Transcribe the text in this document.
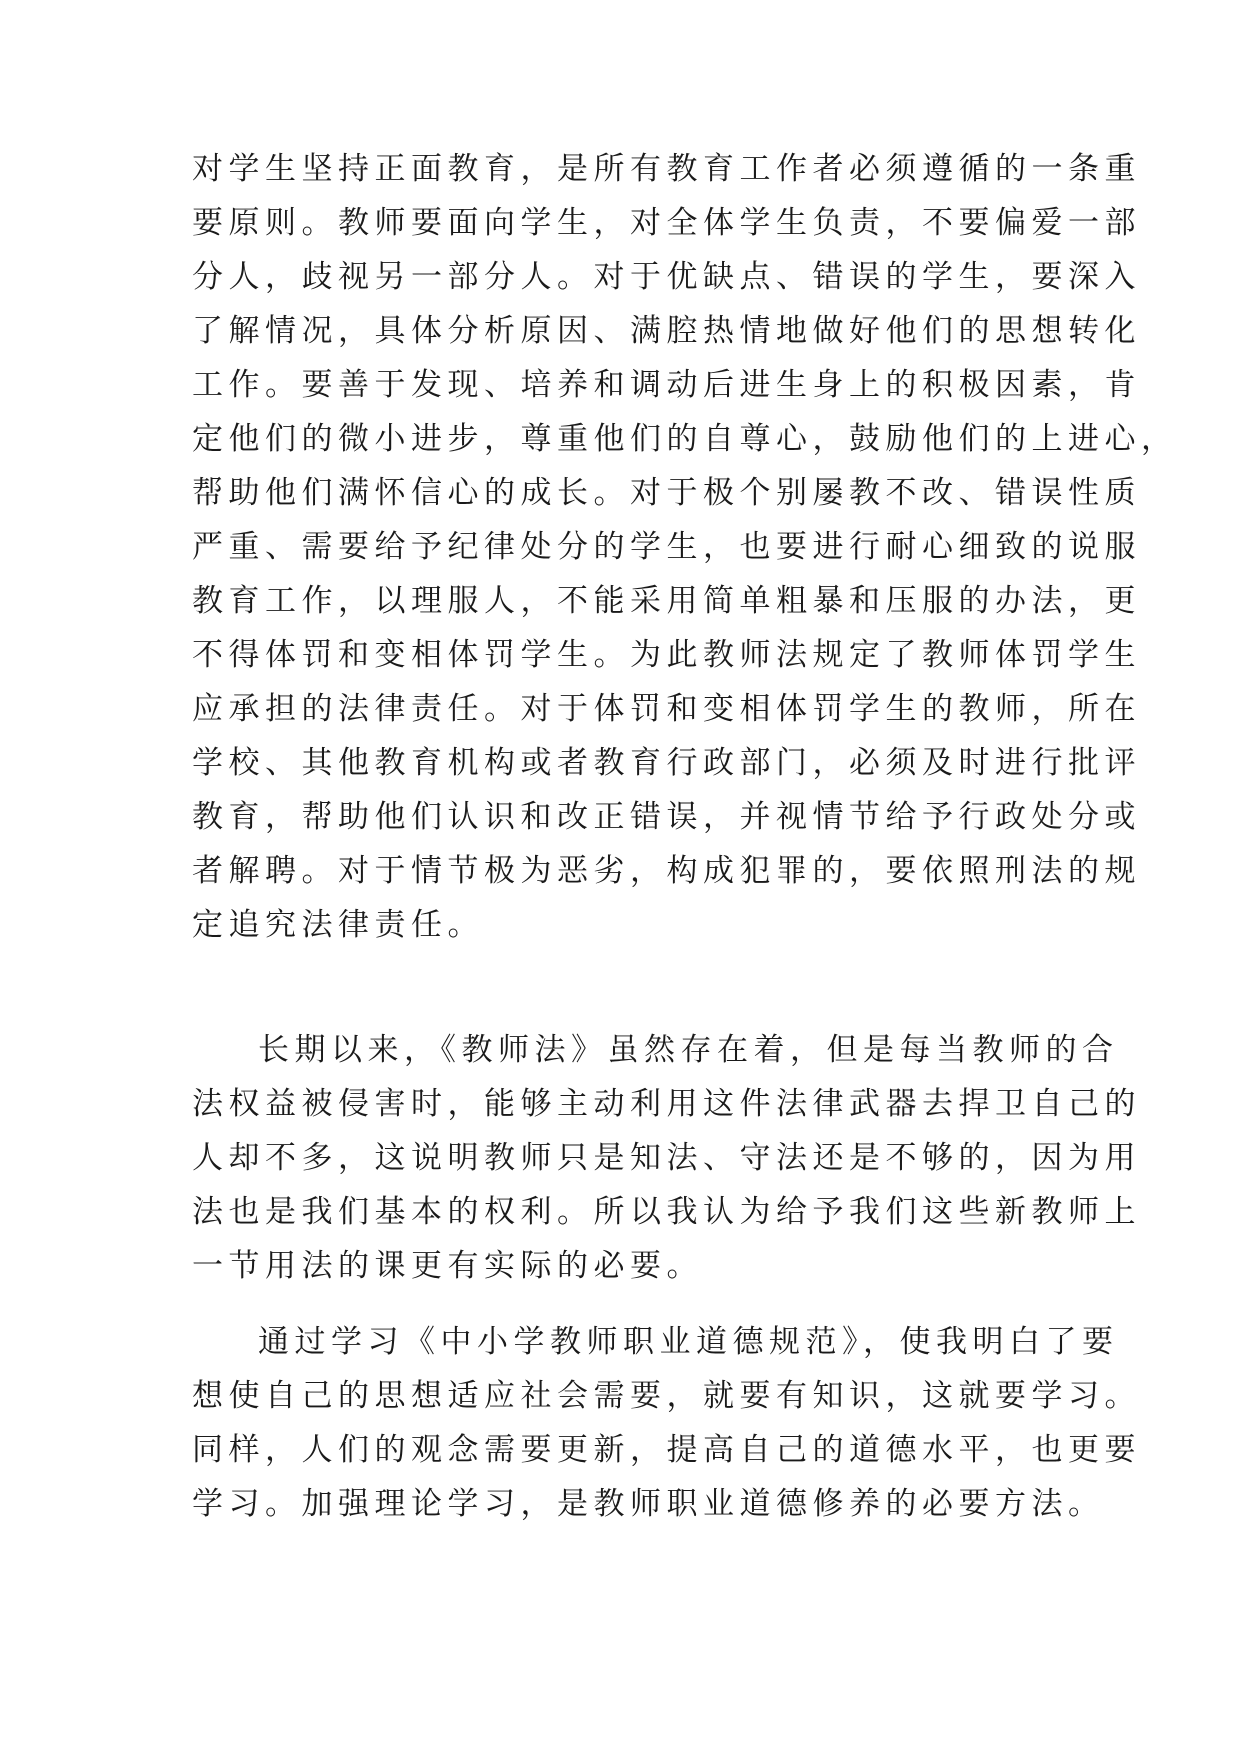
对学生坚持正面教育，是所有教育工作者必须遵循的一条重
要原则。教师要面向学生，对全体学生负责，不要偏爱一部
分人，歧视另一部分人。对于优缺点、错误的学生，要深入
了解情况，具体分析原因、满腔热情地做好他们的思想转化
工作。要善于发现、培养和调动后进生身上的积极因素，肯
定他们的微小进步，尊重他们的自尊心，鼓励他们的上进心，
帮助他们满怀信心的成长。对于极个别屡教不改、错误性质
严重、需要给予纪律处分的学生，也要进行耐心细致的说服
教育工作，以理服人，不能采用简单粗暴和压服的办法，更
不得体罚和变相体罚学生。为此教师法规定了教师体罚学生
应承担的法律责任。对于体罚和变相体罚学生的教师，所在
学校、其他教育机构或者教育行政部门，必须及时进行批评
教育，帮助他们认识和改正错误，并视情节给予行政处分或
者解聘。对于情节极为恶劣，构成犯罪的，要依照刑法的规
定追究法律责任。
长期以来，《教师法》虽然存在着，但是每当教师的合
法权益被侵害时，能够主动利用这件法律武器去捍卫自己的
人却不多，这说明教师只是知法、守法还是不够的，因为用
法也是我们基本的权利。所以我认为给予我们这些新教师上
一节用法的课更有实际的必要。
通过学习《中小学教师职业道德规范》，使我明白了要
想使自己的思想适应社会需要，就要有知识，这就要学习。
同样，人们的观念需要更新，提高自己的道德水平，也更要
学习。加强理论学习，是教师职业道德修养的必要方法。
